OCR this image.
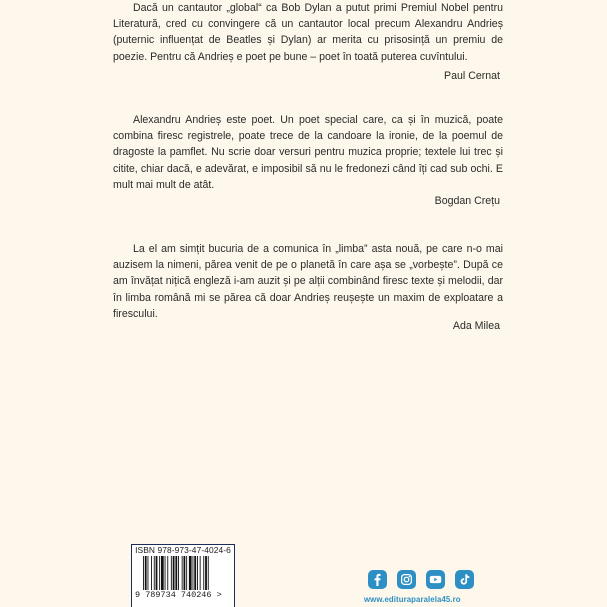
Dacă un cantautor „global“ ca Bob Dylan a putut primi Premiul Nobel pentru Literatură, cred cu convingere că un cantautor local precum Alexandru Andrieș (puternic influențat de Beatles și Dylan) ar merita cu prisosință un premiu de poezie. Pentru că Andrieș e poet pe bune – poet în toată puterea cuvîntului.

Paul Cernat

Alexandru Andrieș este poet. Un poet special care, ca și în muzică, poate combina firesc registrele, poate trece de la candoare la ironie, de la poemul de dragoste la pamflet. Nu scrie doar versuri pentru muzica proprie; textele lui trec și citite, chiar dacă, e adevărat, e imposibil să nu le fredonezi când îți cad sub ochi. E mult mai mult de atât.

Bogdan Crețu

La el am simțit bucuria de a comunica în „limba” asta nouă, pe care n-o mai auzisem la nimeni, părea venit de pe o planetă în care așa se „vorbește”. După ce am învățat nițică engleză i-am auzit și pe alții combinând firesc texte și melodii, dar în limba română mi se părea că doar Andrieș reușește un maxim de exploatare a firescului.

Ada Milea
ISBN 978-973-47-4024-6
9 789734 740246 >	www.edituraparalela45.ro
